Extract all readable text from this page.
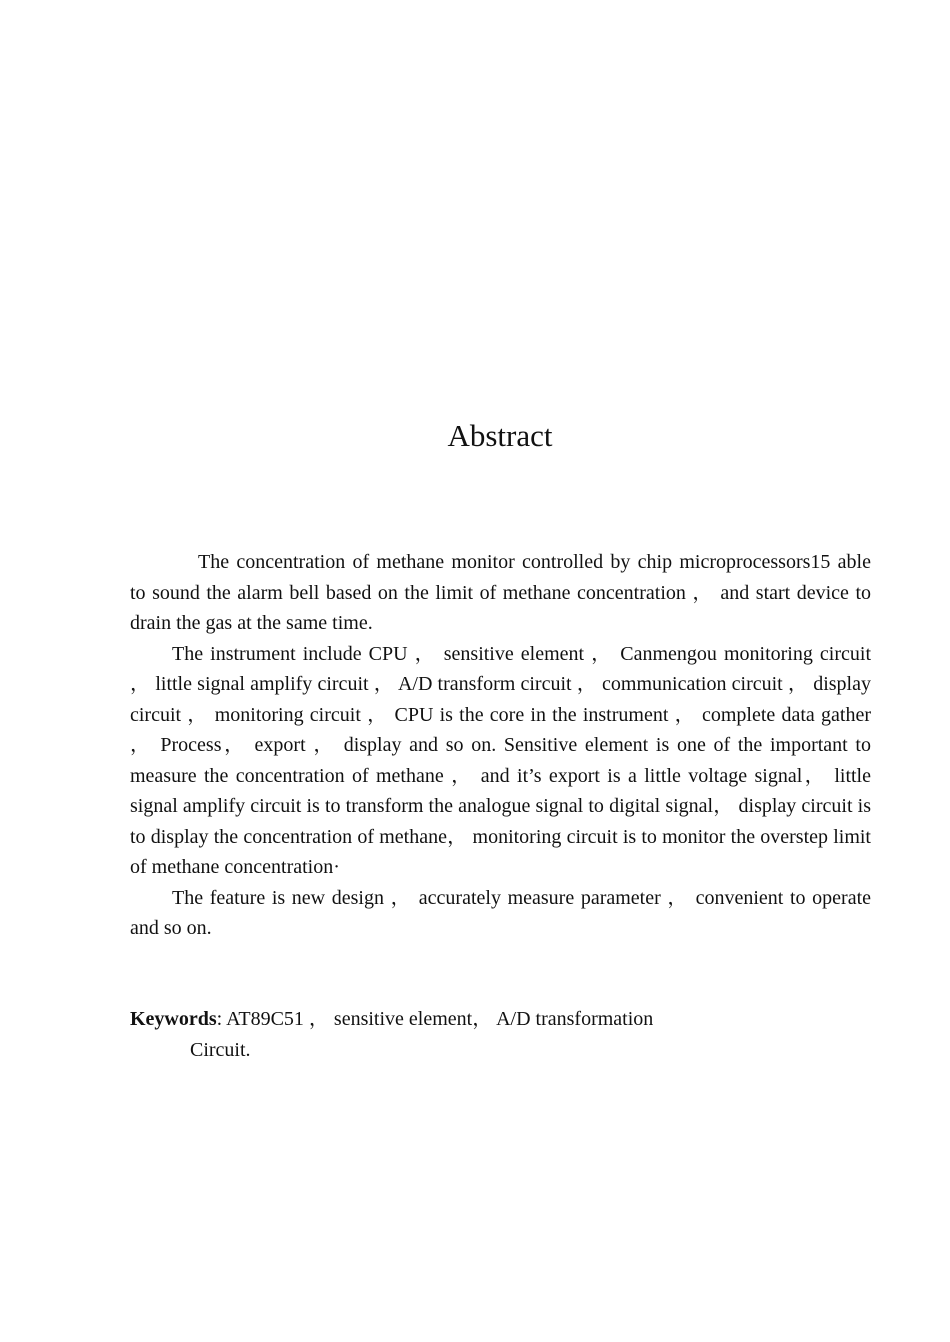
Abstract

The concentration of methane monitor controlled by chip microprocessors15 able to sound the alarm bell based on the limit of methane concentration ， and start device to drain the gas at the same time.

The instrument include CPU ， sensitive element ， Canmengou monitoring circuit ， little signal amplify circuit ， A/D transform circuit ， communication circuit ， display circuit ， monitoring circuit ， CPU is the core in the instrument ， complete data gather ， Process， export ， display and so on. Sensitive element is one of the important to measure the concentration of methane ， and it’s export is a little voltage signal， little signal amplify circuit is to transform the analogue signal to digital signal， display circuit is to display the concentration of methane， monitoring circuit is to monitor the overstep limit of methane concentration·

The feature is new design ， accurately measure parameter ， convenient to operate and so on.

Keywords: AT89C51 ， sensitive element， A/D transformation
Circuit.
